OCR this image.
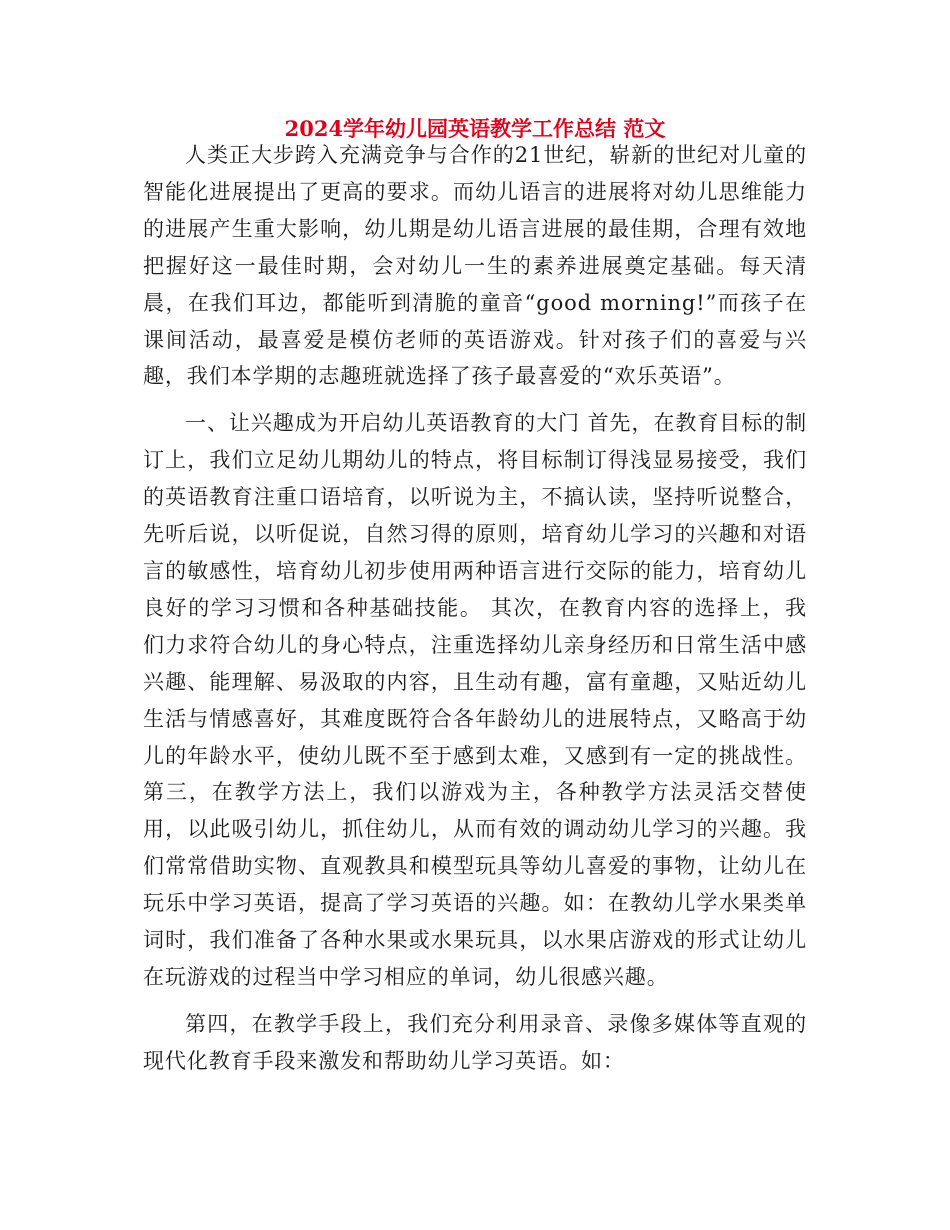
2024学年幼儿园英语教学工作总结 范文

人类正大步跨入充满竞争与合作的21世纪，崭新的世纪对儿童的智能化进展提出了更高的要求。而幼儿语言的进展将对幼儿思维能力的进展产生重大影响，幼儿期是幼儿语言进展的最佳期，合理有效地把握好这一最佳时期，会对幼儿一生的素养进展奠定基础。每天清晨，在我们耳边，都能听到清脆的童音“good morning!”而孩子在课间活动，最喜爱是模仿老师的英语游戏。针对孩子们的喜爱与兴趣，我们本学期的志趣班就选择了孩子最喜爱的“欢乐英语”。

一、让兴趣成为开启幼儿英语教育的大门 首先，在教育目标的制订上，我们立足幼儿期幼儿的特点，将目标制订得浅显易接受，我们的英语教育注重口语培育，以听说为主，不搞认读，坚持听说整合，先听后说，以听促说，自然习得的原则，培育幼儿学习的兴趣和对语言的敏感性，培育幼儿初步使用两种语言进行交际的能力，培育幼儿良好的学习习惯和各种基础技能。 其次，在教育内容的选择上，我们力求符合幼儿的身心特点，注重选择幼儿亲身经历和日常生活中感兴趣、能理解、易汲取的内容，且生动有趣，富有童趣，又贴近幼儿生活与情感喜好，其难度既符合各年龄幼儿的进展特点，又略高于幼儿的年龄水平，使幼儿既不至于感到太难，又感到有一定的挑战性。 第三，在教学方法上，我们以游戏为主，各种教学方法灵活交替使用，以此吸引幼儿，抓住幼儿，从而有效的调动幼儿学习的兴趣。我们常常借助实物、直观教具和模型玩具等幼儿喜爱的事物，让幼儿在玩乐中学习英语，提高了学习英语的兴趣。如：在教幼儿学水果类单词时，我们准备了各种水果或水果玩具，以水果店游戏的形式让幼儿在玩游戏的过程当中学习相应的单词，幼儿很感兴趣。

第四，在教学手段上，我们充分利用录音、录像多媒体等直观的现代化教育手段来激发和帮助幼儿学习英语。如：
